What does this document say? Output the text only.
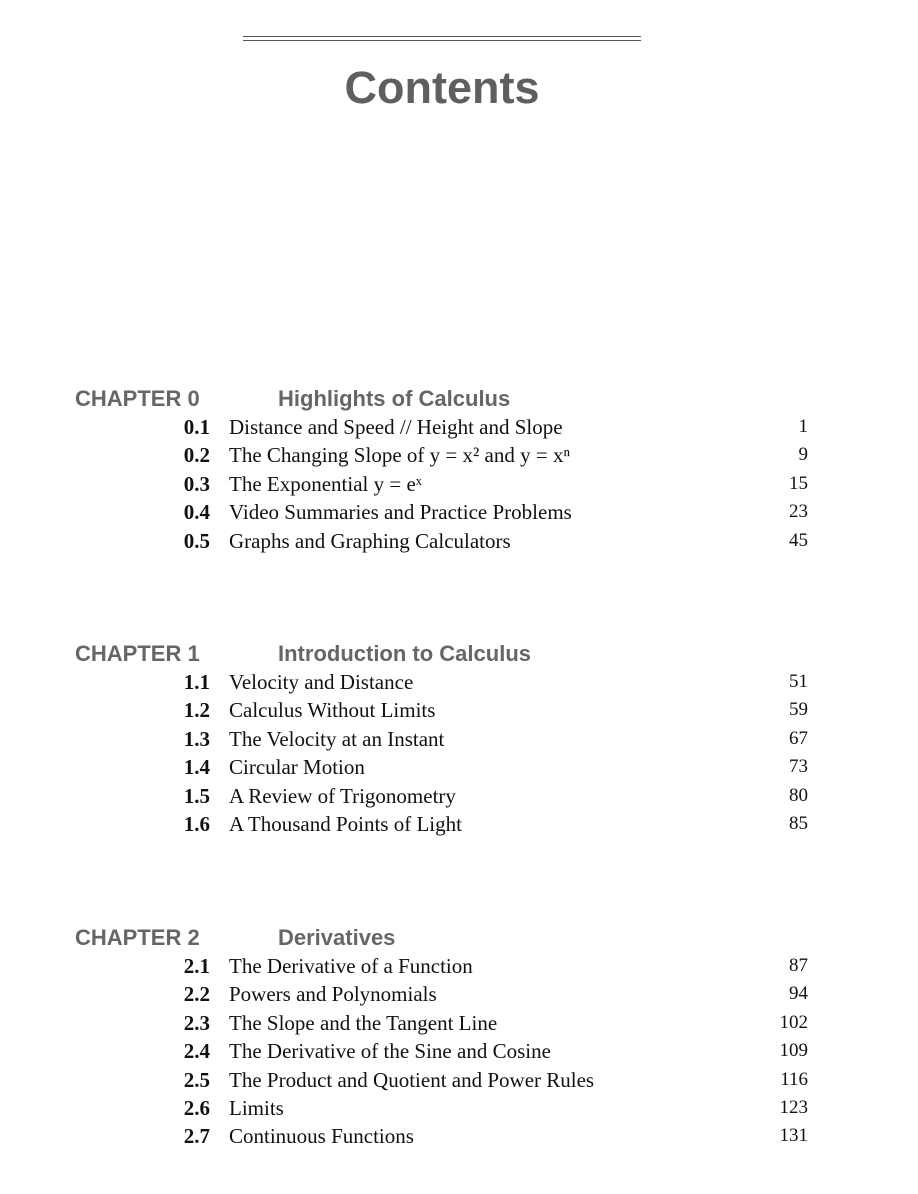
Contents
CHAPTER 0	Highlights of Calculus
0.1 Distance and Speed // Height and Slope	1
0.2 The Changing Slope of y = x² and y = xⁿ	9
0.3 The Exponential y = eˣ	15
0.4 Video Summaries and Practice Problems	23
0.5 Graphs and Graphing Calculators	45
CHAPTER 1	Introduction to Calculus
1.1 Velocity and Distance	51
1.2 Calculus Without Limits	59
1.3 The Velocity at an Instant	67
1.4 Circular Motion	73
1.5 A Review of Trigonometry	80
1.6 A Thousand Points of Light	85
CHAPTER 2	Derivatives
2.1 The Derivative of a Function	87
2.2 Powers and Polynomials	94
2.3 The Slope and the Tangent Line	102
2.4 The Derivative of the Sine and Cosine	109
2.5 The Product and Quotient and Power Rules	116
2.6 Limits	123
2.7 Continuous Functions	131
